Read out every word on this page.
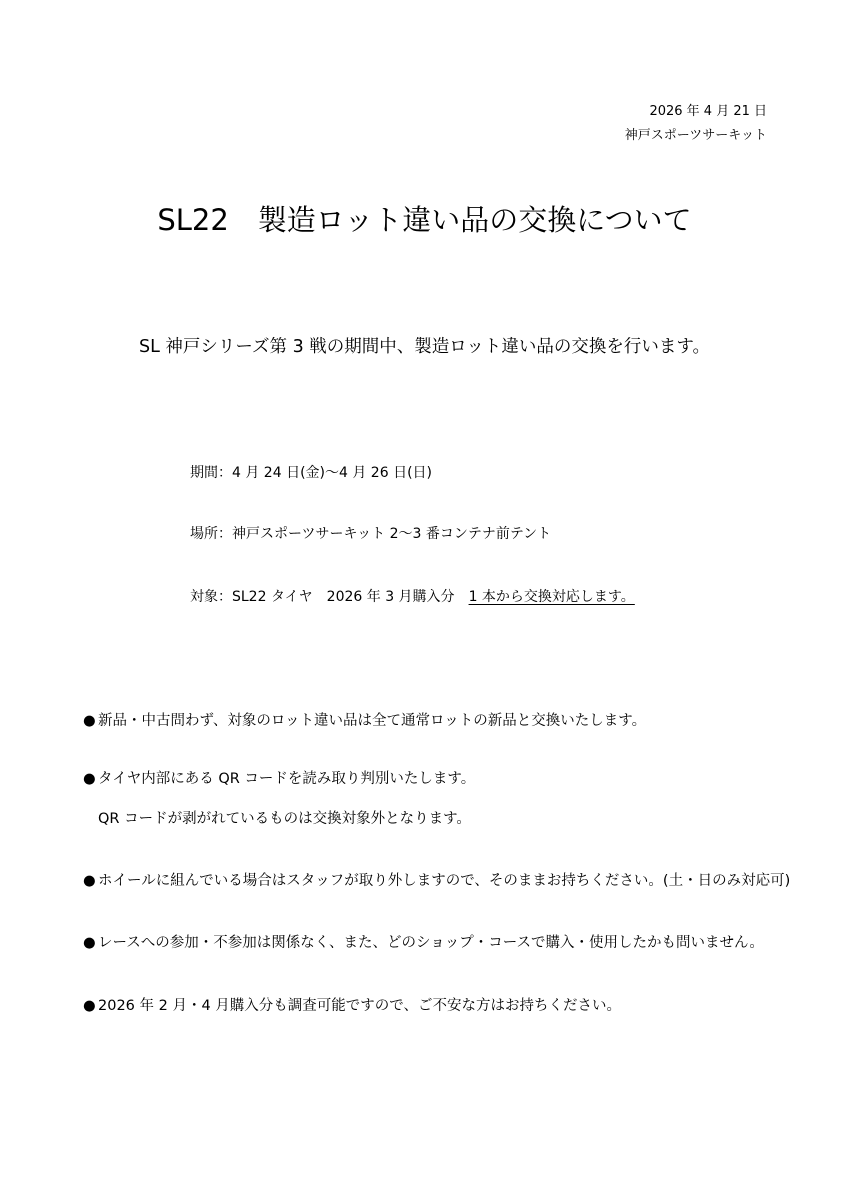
2026 年 4 月 21 日
神戸スポーツサーキット
SL22　製造ロット違い品の交換について
SL 神戸シリーズ第 3 戦の期間中、製造ロット違い品の交換を行います。
期間：4 月 24 日(金)～4 月 26 日(日)
場所：神戸スポーツサーキット 2～3 番コンテナ前テント
対象：SL22 タイヤ　2026 年 3 月購入分　1 本から交換対応します。
● 新品・中古問わず、対象のロット違い品は全て通常ロットの新品と交換いたします。
● タイヤ内部にある QR コードを読み取り判別いたします。
QR コードが剥がれているものは交換対象外となります。
● ホイールに組んでいる場合はスタッフが取り外しますので、そのままお持ちください。(土・日のみ対応可)
● レースへの参加・不参加は関係なく、また、どのショップ・コースで購入・使用したかも問いません。
● 2026 年 2 月・4 月購入分も調査可能ですので、ご不安な方はお持ちください。
